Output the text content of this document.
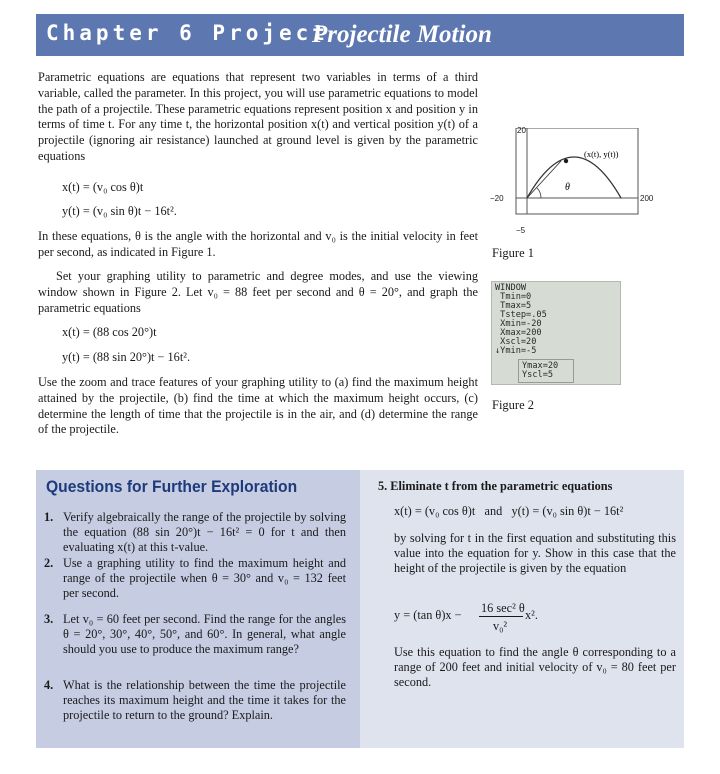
Chapter 6 Project
Projectile Motion

Parametric equations are equations that represent two variables in terms of a third variable, called the parameter. In this project, you will use parametric equations to model the path of a projectile. These parametric equations represent position x and position y in terms of time t. For any time t, the horizontal position x(t) and vertical position y(t) of a projectile (ignoring air resistance) launched at ground level is given by the parametric equations

x(t) = (v₀ cos θ)t
y(t) = (v₀ sin θ)t − 16t².

In these equations, θ is the angle with the horizontal and v₀ is the initial velocity in feet per second, as indicated in Figure 1.

Set your graphing utility to parametric and degree modes, and use the viewing window shown in Figure 2. Let v₀ = 88 feet per second and θ = 20°, and graph the parametric equations

x(t) = (88 cos 20°)t
y(t) = (88 sin 20°)t − 16t².

Use the zoom and trace features of your graphing utility to (a) find the maximum height attained by the projectile, (b) find the time at which the maximum height occurs, (c) determine the length of time that the projectile is in the air, and (d) determine the range of the projectile.

θ
(x(t), y(t))
20
−5
−20	200
Figure 1
WINDOW
Tmin=0
Tmax=5
Tstep=.05
Xmin=-20
Xmax=200
Xscl=20
↓Ymin=-5
Ymax=20
Yscl=5
Figure 2
Questions for Further Exploration
1. Verify algebraically the range of the projectile by solving the equation (88 sin 20°)t − 16t² = 0 for t and then evaluating x(t) at this t-value.
2. Use a graphing utility to find the maximum height and range of the projectile when θ = 30° and v₀ = 132 feet per second.
3. Let v₀ = 60 feet per second. Find the range for the angles θ = 20°, 30°, 40°, 50°, and 60°. In general, what angle should you use to produce the maximum range?
4. What is the relationship between the time the projectile reaches its maximum height and the time it takes for the projectile to return to the ground? Explain.
5. Eliminate t from the parametric equations
x(t) = (v₀ cos θ)t   and   y(t) = (v₀ sin θ)t − 16t²

by solving for t in the first equation and substituting this value into the equation for y. Show in this case that the height of the projectile is given by the equation

y = (tan θ)x − 16 sec² θ
v₀²
x².

Use this equation to find the angle θ corresponding to a range of 200 feet and initial velocity of v₀ = 80 feet per second.
